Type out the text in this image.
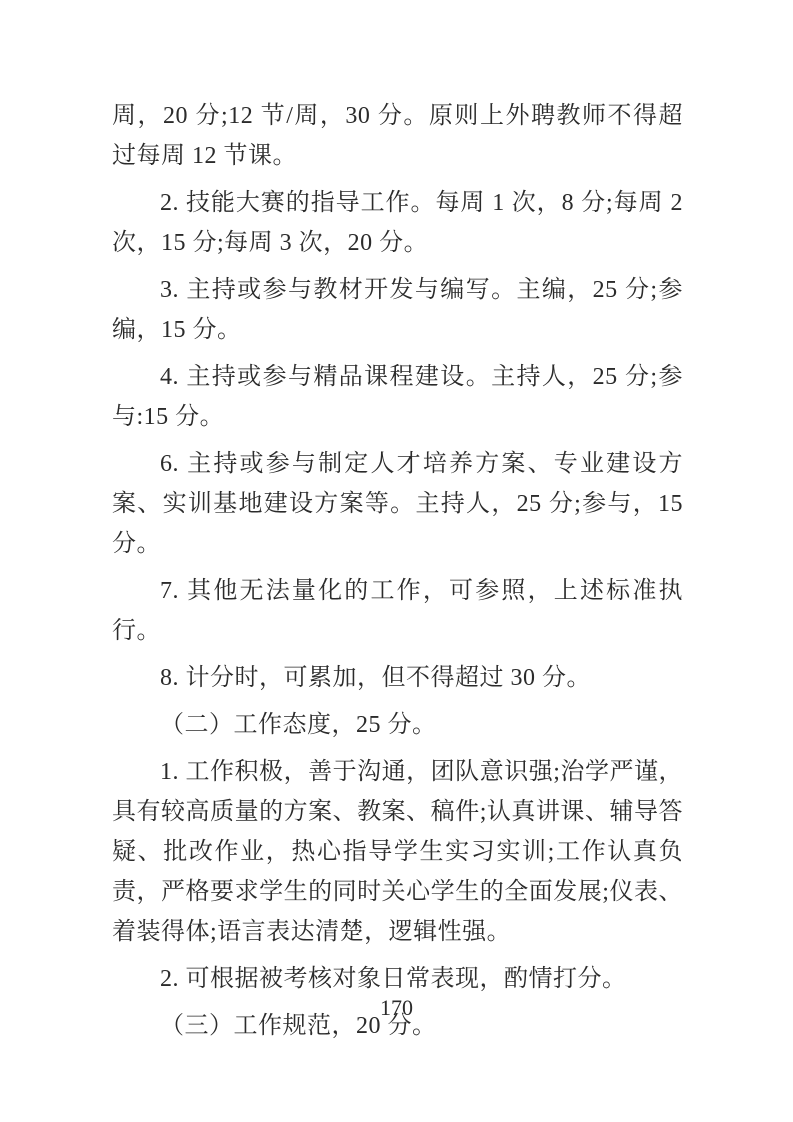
周，20 分;12 节/周，30 分。原则上外聘教师不得超过每周 12 节课。

2. 技能大赛的指导工作。每周 1 次，8 分;每周 2 次，15 分;每周 3 次，20 分。

3. 主持或参与教材开发与编写。主编，25 分;参编，15 分。

4. 主持或参与精品课程建设。主持人，25 分;参与:15 分。

6. 主持或参与制定人才培养方案、专业建设方案、实训基地建设方案等。主持人，25 分;参与，15 分。

7. 其他无法量化的工作，可参照，上述标准执行。

8. 计分时，可累加，但不得超过 30 分。

（二）工作态度，25 分。

1. 工作积极，善于沟通，团队意识强;治学严谨，具有较高质量的方案、教案、稿件;认真讲课、辅导答疑、批改作业，热心指导学生实习实训;工作认真负责，严格要求学生的同时关心学生的全面发展;仪表、着装得体;语言表达清楚，逻辑性强。

2. 可根据被考核对象日常表现，酌情打分。

（三）工作规范，20 分。

170
